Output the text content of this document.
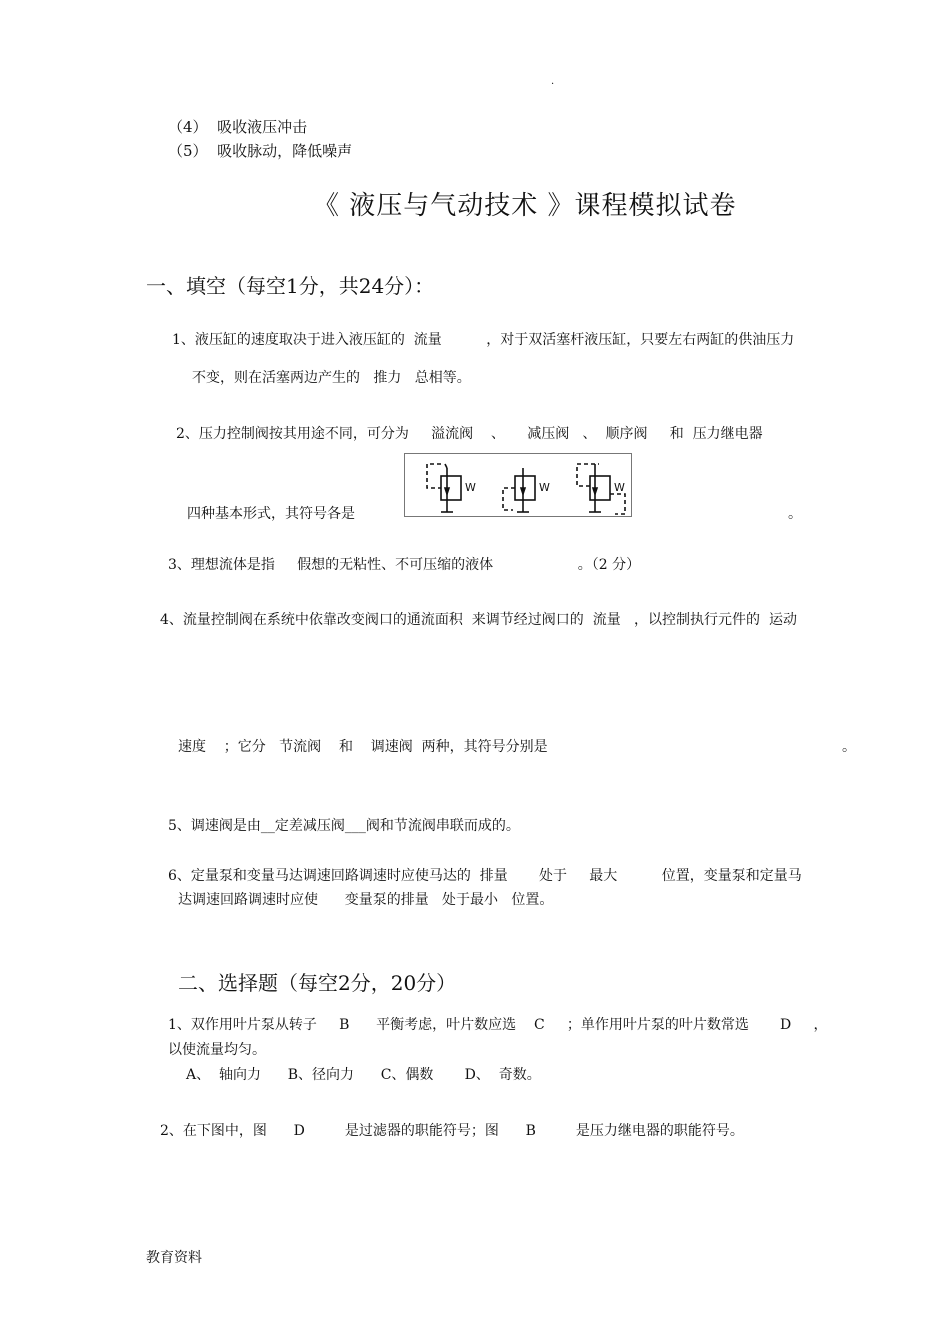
.
（4）  吸收液压冲击
（5）  吸收脉动，降低噪声
《 液压与气动技术 》课程模拟试卷
一、填空（每空1分，共24分）：
1、液压缸的速度取决于进入液压缸的  流量          ，对于双活塞杆液压缸，只要左右两缸的供油压力
不变，则在活塞两边产生的   推力   总相等。
2、压力控制阀按其用途不同，可分为     溢流阀    、     减压阀   、  顺序阀     和  压力继电器
W	W	W
四种基本形式，其符号各是	。
3、理想流体是指     假想的无粘性、不可压缩的液体                   。（2 分）
4、流量控制阀在系统中依靠改变阀口的通流面积  来调节经过阀口的  流量   ，以控制执行元件的  运动
速度    ；它分   节流阀    和    调速阀  两种，其符号分别是	。
5、调速阀是由__定差减压阀___阀和节流阀串联而成的。
6、定量泵和变量马达调速回路调速时应使马达的  排量       处于     最大          位置，变量泵和定量马
达调速回路调速时应使      变量泵的排量   处于最小   位置。
二、选择题（每空2分，20分）
1、双作用叶片泵从转子     B      平衡考虑，叶片数应选    C     ；单作用叶片泵的叶片数常选       D     ，
以使流量均匀。
A、  轴向力      B、径向力      C、偶数       D、  奇数。
2、在下图中，图      D         是过滤器的职能符号；图      B         是压力继电器的职能符号。
教育资料
